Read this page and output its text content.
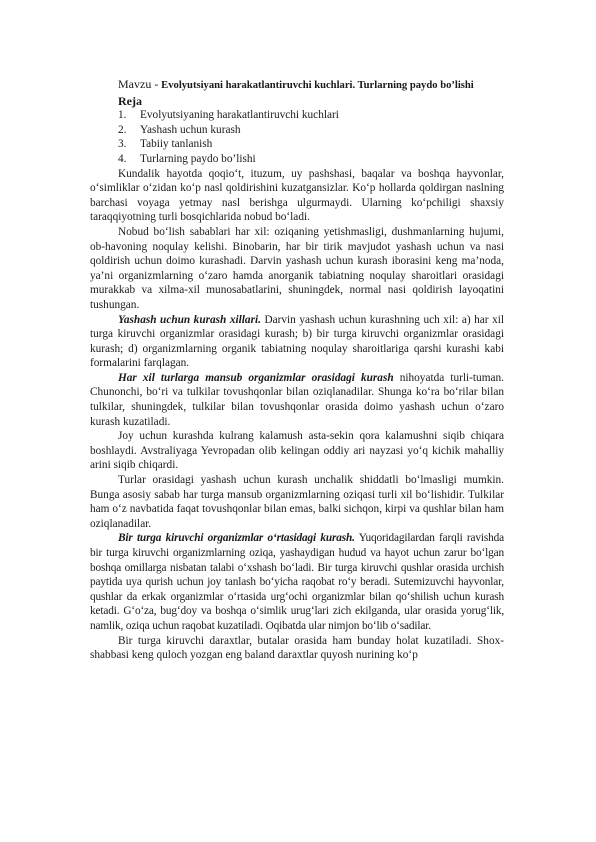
Mavzu - Evolyutsiyani harakatlantiruvchi kuchlari. Turlarning paydo bo’lishi
Reja
1. Evolyutsiyaning harakatlantiruvchi kuchlari
2. Yashash uchun kurash
3. Tabiiy tanlanish
4. Turlarning paydo bo’lishi

Kundalik hayotda qoqio‘t, ituzum, uy pashshasi, baqalar va boshqa hayvonlar, o‘simliklar o‘zidan ko‘p nasl qoldirishini kuzatgansizlar. Ko‘p hollarda qoldirgan naslning barchasi voyaga yetmay nasl berishga ulgurmaydi. Ularning ko‘pchiligi shaxsiy taraqqiyotning turli bosqichlarida nobud bo‘ladi.

Nobud bo‘lish sabablari har xil: oziqaning yetishmasligi, dushmanlarning hujumi, ob-havoning noqulay kelishi. Binobarin, har bir tirik mavjudot yashash uchun va nasi qoldirish uchun doimo kurashadi. Darvin yashash uchun kurash iborasini keng ma’noda, ya’ni organizmlarning o‘zaro hamda anorganik tabiatning noqulay sharoitlari orasidagi murakkab va xilma-xil munosabatlarini, shuningdek, normal nasi qoldirish layoqatini tushungan.

Yashash uchun kurash xillari. Darvin yashash uchun kurashning uch xil: a) har xil turga kiruvchi organizmlar orasidagi kurash; b) bir turga kiruvchi organizmlar orasidagi kurash; d) organizmlarning organik tabiatning noqulay sharoitlariga qarshi kurashi kabi formalarini farqlagan.

Har xil turlarga mansub organizmlar orasidagi kurash nihoyatda turli-tuman. Chunonchi, bo‘ri va tulkilar tovushqonlar bilan oziqlanadilar. Shunga ko‘ra bo‘rilar bilan tulkilar, shuningdek, tulkilar bilan tovushqonlar orasida doimo yashash uchun o‘zaro kurash kuzatiladi.

Joy uchun kurashda kulrang kalamush asta-sekin qora kalamushni siqib chiqara boshlaydi. Avstraliyaga Yevropadan olib kelingan oddiy ari nayzasi yo‘q kichik mahalliy arini siqib chiqardi.

Turlar orasidagi yashash uchun kurash unchalik shiddatli bo‘lmasligi mumkin. Bunga asosiy sabab har turga mansub organizmlarning oziqasi turli xil bo‘lishidir. Tulkilar ham o‘z navbatida faqat tovushqonlar bilan emas, balki sichqon, kirpi va qushlar bilan ham oziqlanadilar.

Bir turga kiruvchi organizmlar o‘rtasidagi kurash. Yuqoridagilardan farqli ravishda bir turga kiruvchi organizmlarning oziqa, yashaydigan hudud va hayot uchun zarur bo‘lgan boshqa omillarga nisbatan talabi o‘xshash bo‘ladi. Bir turga kiruvchi qushlar orasida urchish paytida uya qurish uchun joy tanlash bo‘yicha raqobat ro‘y beradi. Sutemizuvchi hayvonlar, qushlar da erkak organizmlar o‘rtasida urg‘ochi organizmlar bilan qo‘shilish uchun kurash ketadi. G‘o‘za, bug‘doy va boshqa o‘simlik urug‘lari zich ekilganda, ular orasida yorug‘lik, namlik, oziqa uchun raqobat kuzatiladi. Oqibatda ular nimjon bo‘lib o‘sadilar.

Bir turga kiruvchi daraxtlar, butalar orasida ham bunday holat kuzatiladi. Shox-shabbasi keng quloch yozgan eng baland daraxtlar quyosh nurining ko‘p
